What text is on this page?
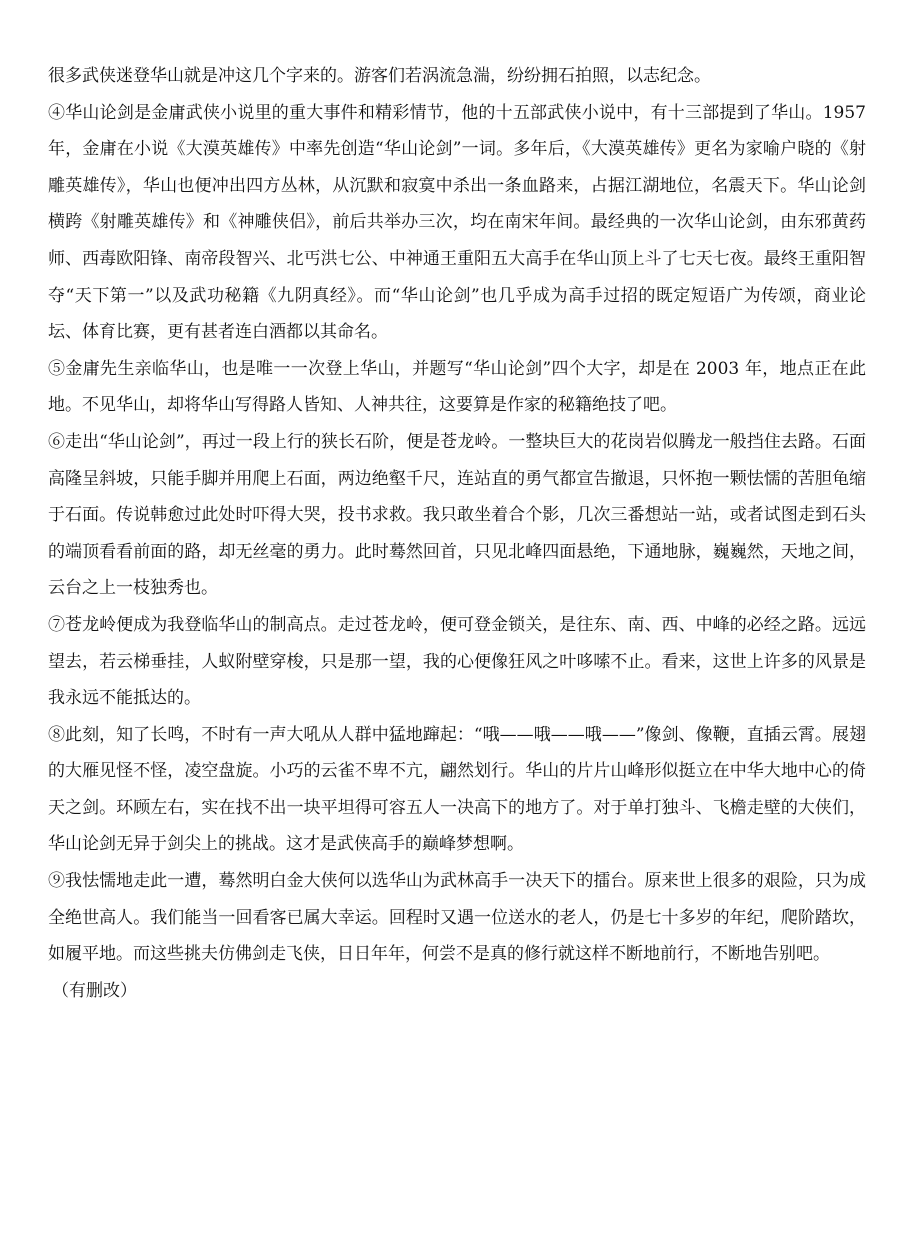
很多武侠迷登华山就是冲这几个字来的。游客们若涡流急湍，纷纷拥石拍照，以志纪念。

④华山论剑是金庸武侠小说里的重大事件和精彩情节，他的十五部武侠小说中，有十三部提到了华山。1957年，金庸在小说《大漠英雄传》中率先创造“华山论剑”一词。多年后，《大漠英雄传》更名为家喻户晓的《射雕英雄传》，华山也便冲出四方丛林，从沉默和寂寞中杀出一条血路来，占据江湖地位，名震天下。华山论剑横跨《射雕英雄传》和《神雕侠侣》，前后共举办三次，均在南宋年间。最经典的一次华山论剑，由东邪黄药师、西毒欧阳锋、南帝段智兴、北丐洪七公、中神通王重阳五大高手在华山顶上斗了七天七夜。最终王重阳智夺“天下第一”以及武功秘籍《九阴真经》。而“华山论剑”也几乎成为高手过招的既定短语广为传颂，商业论坛、体育比赛，更有甚者连白酒都以其命名。

⑤金庸先生亲临华山，也是唯一一次登上华山，并题写“华山论剑”四个大字，却是在 2003 年，地点正在此地。不见华山，却将华山写得路人皆知、人神共往，这要算是作家的秘籍绝技了吧。

⑥走出“华山论剑”，再过一段上行的狭长石阶，便是苍龙岭。一整块巨大的花岗岩似腾龙一般挡住去路。石面高隆呈斜坡，只能手脚并用爬上石面，两边绝壑千尺，连站直的勇气都宣告撤退，只怀抱一颗怯懦的苦胆龟缩于石面。传说韩愈过此处时吓得大哭，投书求救。我只敢坐着合个影，几次三番想站一站，或者试图走到石头的端顶看看前面的路，却无丝毫的勇力。此时蓦然回首，只见北峰四面悬绝，下通地脉，巍巍然，天地之间，云台之上一枝独秀也。

⑦苍龙岭便成为我登临华山的制高点。走过苍龙岭，便可登金锁关，是往东、南、西、中峰的必经之路。远远望去，若云梯垂挂，人蚁附壁穿梭，只是那一望，我的心便像狂风之叶哆嗦不止。看来，这世上许多的风景是我永远不能抵达的。

⑧此刻，知了长鸣，不时有一声大吼从人群中猛地蹿起：“哦——哦——哦——”像剑、像鞭，直插云霄。展翅的大雁见怪不怪，凌空盘旋。小巧的云雀不卑不亢，翩然划行。华山的片片山峰形似挺立在中华大地中心的倚天之剑。环顾左右，实在找不出一块平坦得可容五人一决高下的地方了。对于单打独斗、飞檐走壁的大侠们，华山论剑无异于剑尖上的挑战。这才是武侠高手的巅峰梦想啊。

⑨我怯懦地走此一遭，蓦然明白金大侠何以选华山为武林高手一决天下的擂台。原来世上很多的艰险，只为成全绝世高人。我们能当一回看客已属大幸运。回程时又遇一位送水的老人，仍是七十多岁的年纪，爬阶踏坎，如履平地。而这些挑夫仿佛剑走飞侠，日日年年，何尝不是真的修行就这样不断地前行，不断地告别吧。

（有删改）
